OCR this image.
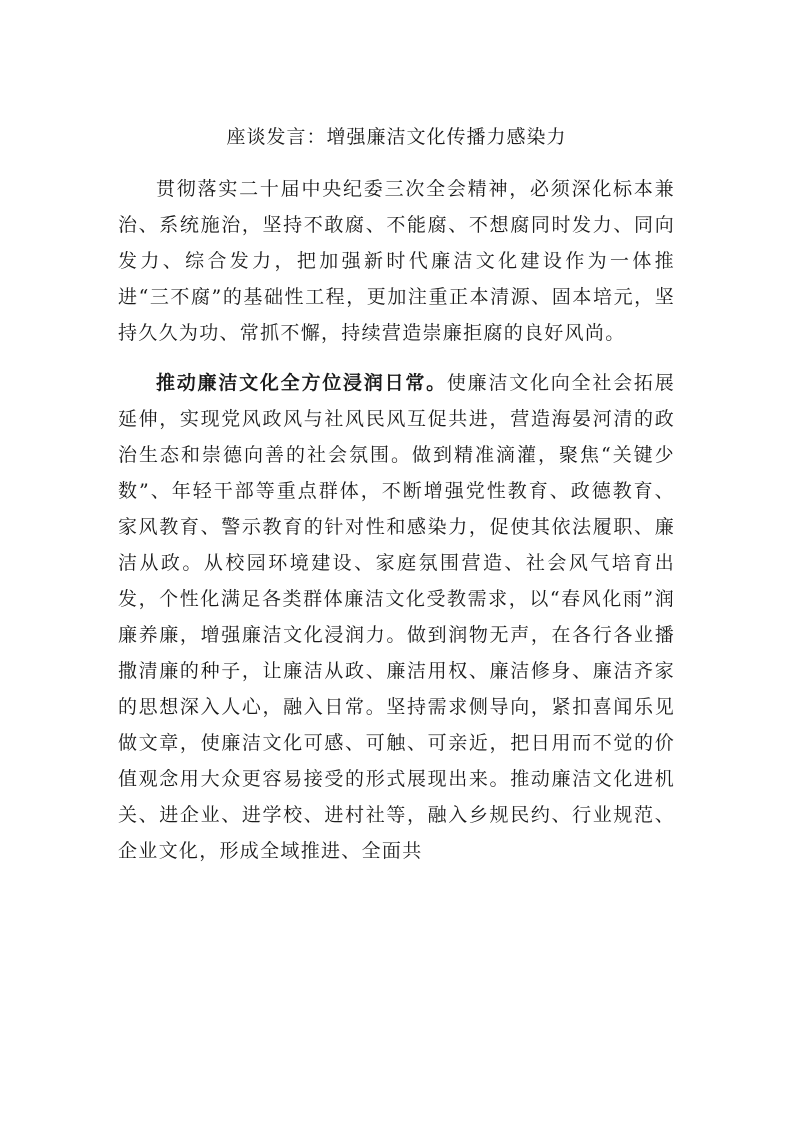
座谈发言：增强廉洁文化传播力感染力

贯彻落实二十届中央纪委三次全会精神，必须深化标本兼治、系统施治，坚持不敢腐、不能腐、不想腐同时发力、同向发力、综合发力，把加强新时代廉洁文化建设作为一体推进“三不腐”的基础性工程，更加注重正本清源、固本培元，坚持久久为功、常抓不懈，持续营造崇廉拒腐的良好风尚。

推动廉洁文化全方位浸润日常。使廉洁文化向全社会拓展延伸，实现党风政风与社风民风互促共进，营造海晏河清的政治生态和崇德向善的社会氛围。做到精准滴灌，聚焦“关键少数”、年轻干部等重点群体，不断增强党性教育、政德教育、家风教育、警示教育的针对性和感染力，促使其依法履职、廉洁从政。从校园环境建设、家庭氛围营造、社会风气培育出发，个性化满足各类群体廉洁文化受教需求，以“春风化雨”润廉养廉，增强廉洁文化浸润力。做到润物无声，在各行各业播撒清廉的种子，让廉洁从政、廉洁用权、廉洁修身、廉洁齐家的思想深入人心，融入日常。坚持需求侧导向，紧扣喜闻乐见做文章，使廉洁文化可感、可触、可亲近，把日用而不觉的价值观念用大众更容易接受的形式展现出来。推动廉洁文化进机关、进企业、进学校、进村社等，融入乡规民约、行业规范、企业文化，形成全域推进、全面共
